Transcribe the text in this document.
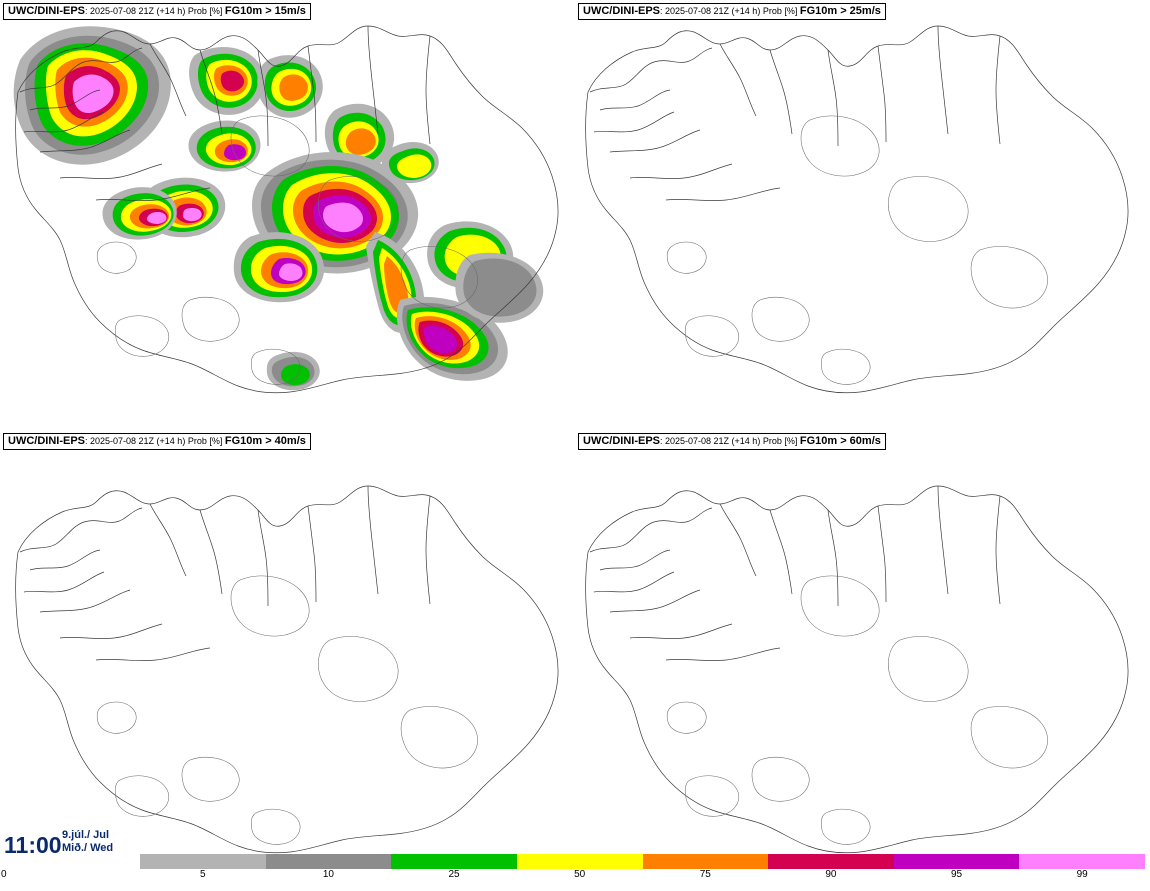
UWC/DINI-EPS: 2025-07-08 21Z (+14 h) Prob [%] FG10m > 15m/s	UWC/DINI-EPS: 2025-07-08 21Z (+14 h) Prob [%] FG10m > 25m/s
UWC/DINI-EPS: 2025-07-08 21Z (+14 h) Prob [%] FG10m > 40m/s	UWC/DINI-EPS: 2025-07-08 21Z (+14 h) Prob [%] FG10m > 60m/s
11:00 9.júl./ Jul
Mið./ Wed
0	5	10	25	50	75	90	95	99
